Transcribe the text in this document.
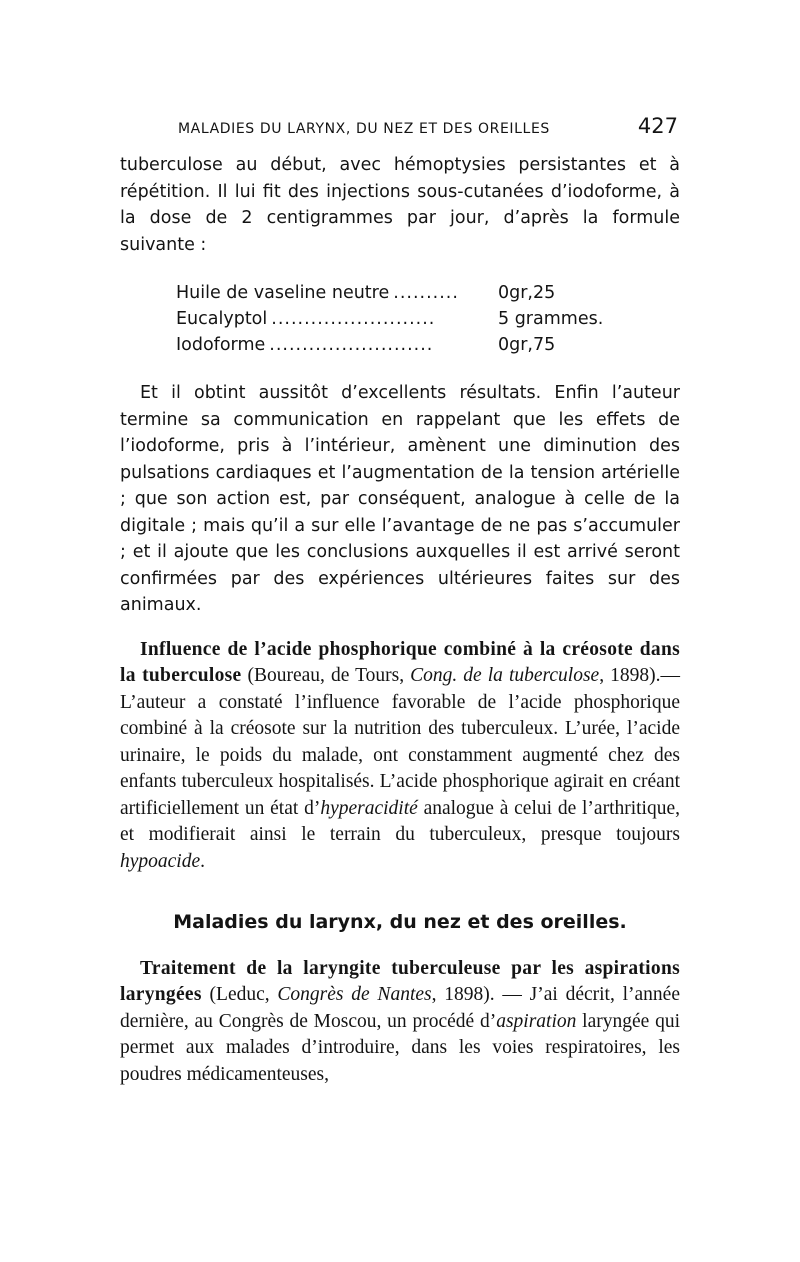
MALADIES DU LARYNX, DU NEZ ET DES OREILLES	427

tuberculose au début, avec hémoptysies persistantes et à répétition. Il lui fit des injections sous-cutanées d’iodoforme, à la dose de 2 centigrammes par jour, d’après la formule suivante :

Huile de vaseline neutre ..........	0gr,25
Eucalyptol .........................	5 grammes.
Iodoforme .........................	0gr,75

Et il obtint aussitôt d’excellents résultats. Enfin l’auteur termine sa communication en rappelant que les effets de l’iodoforme, pris à l’intérieur, amènent une diminution des pulsations cardiaques et l’augmentation de la tension artérielle ; que son action est, par conséquent, analogue à celle de la digitale ; mais qu’il a sur elle l’avantage de ne pas s’accumuler ; et il ajoute que les conclusions auxquelles il est arrivé seront confirmées par des expériences ultérieures faites sur des animaux.

Influence de l’acide phosphorique combiné à la créosote dans la tuberculose (Boureau, de Tours, Cong. de la tuberculose, 1898).— L’auteur a constaté l’influence favorable de l’acide phosphorique combiné à la créosote sur la nutrition des tuberculeux. L’urée, l’acide urinaire, le poids du malade, ont constamment augmenté chez des enfants tuberculeux hospitalisés. L’acide phosphorique agirait en créant artificiellement un état d’hyperacidité analogue à celui de l’arthritique, et modifierait ainsi le terrain du tuberculeux, presque toujours hypoacide.

Maladies du larynx, du nez et des oreilles.

Traitement de la laryngite tuberculeuse par les aspirations laryngées (Leduc, Congrès de Nantes, 1898). — J’ai décrit, l’année dernière, au Congrès de Moscou, un procédé d’aspiration laryngée qui permet aux malades d’introduire, dans les voies respiratoires, les poudres médicamenteuses,
